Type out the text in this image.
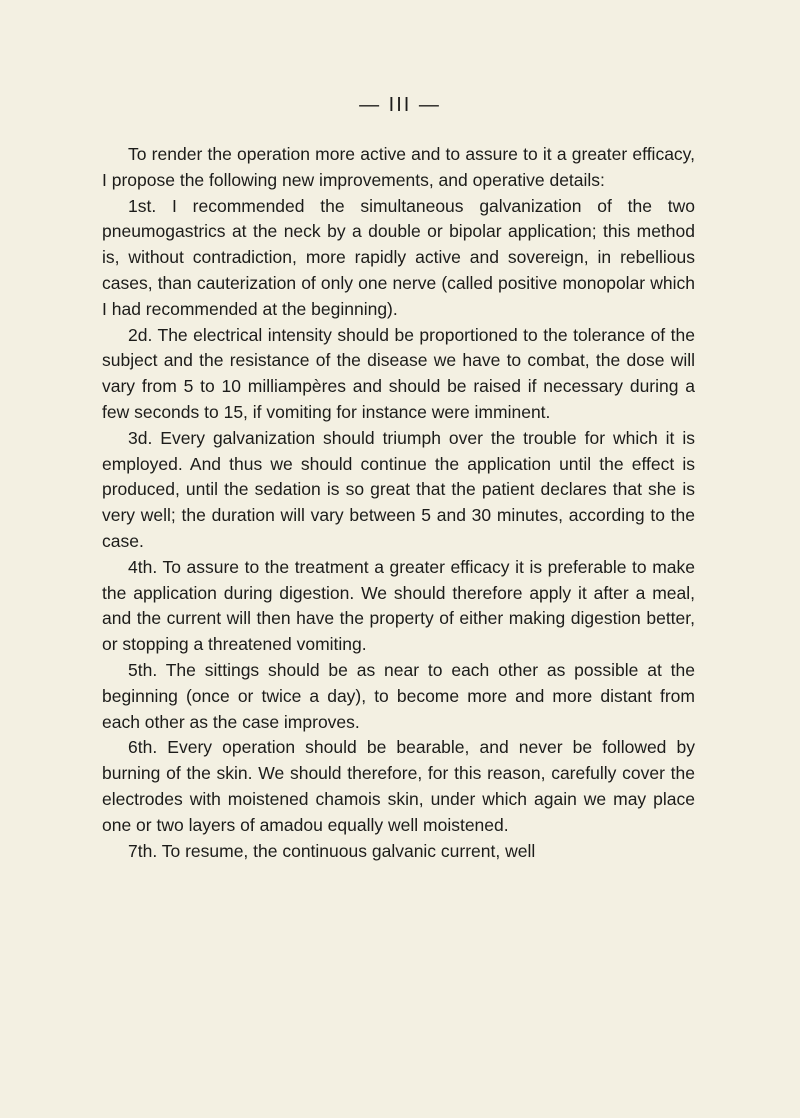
— III —

To render the operation more active and to assure to it a greater efficacy, I propose the following new improvements, and operative details:

1st. I recommended the simultaneous galvanization of the two pneumogastrics at the neck by a double or bipolar application; this method is, without contradiction, more rapidly active and sovereign, in rebellious cases, than cauterization of only one nerve (called positive monopolar which I had recommended at the beginning).

2d. The electrical intensity should be proportioned to the tolerance of the subject and the resistance of the disease we have to combat, the dose will vary from 5 to 10 milliampères and should be raised if necessary during a few seconds to 15, if vomiting for instance were imminent.

3d. Every galvanization should triumph over the trouble for which it is employed. And thus we should continue the application until the effect is produced, until the sedation is so great that the patient declares that she is very well; the duration will vary between 5 and 30 minutes, according to the case.

4th. To assure to the treatment a greater efficacy it is preferable to make the application during digestion. We should therefore apply it after a meal, and the current will then have the property of either making digestion better, or stopping a threatened vomiting.

5th. The sittings should be as near to each other as possible at the beginning (once or twice a day), to become more and more distant from each other as the case improves.

6th. Every operation should be bearable, and never be followed by burning of the skin. We should therefore, for this reason, carefully cover the electrodes with moistened chamois skin, under which again we may place one or two layers of amadou equally well moistened.

7th. To resume, the continuous galvanic current, well
